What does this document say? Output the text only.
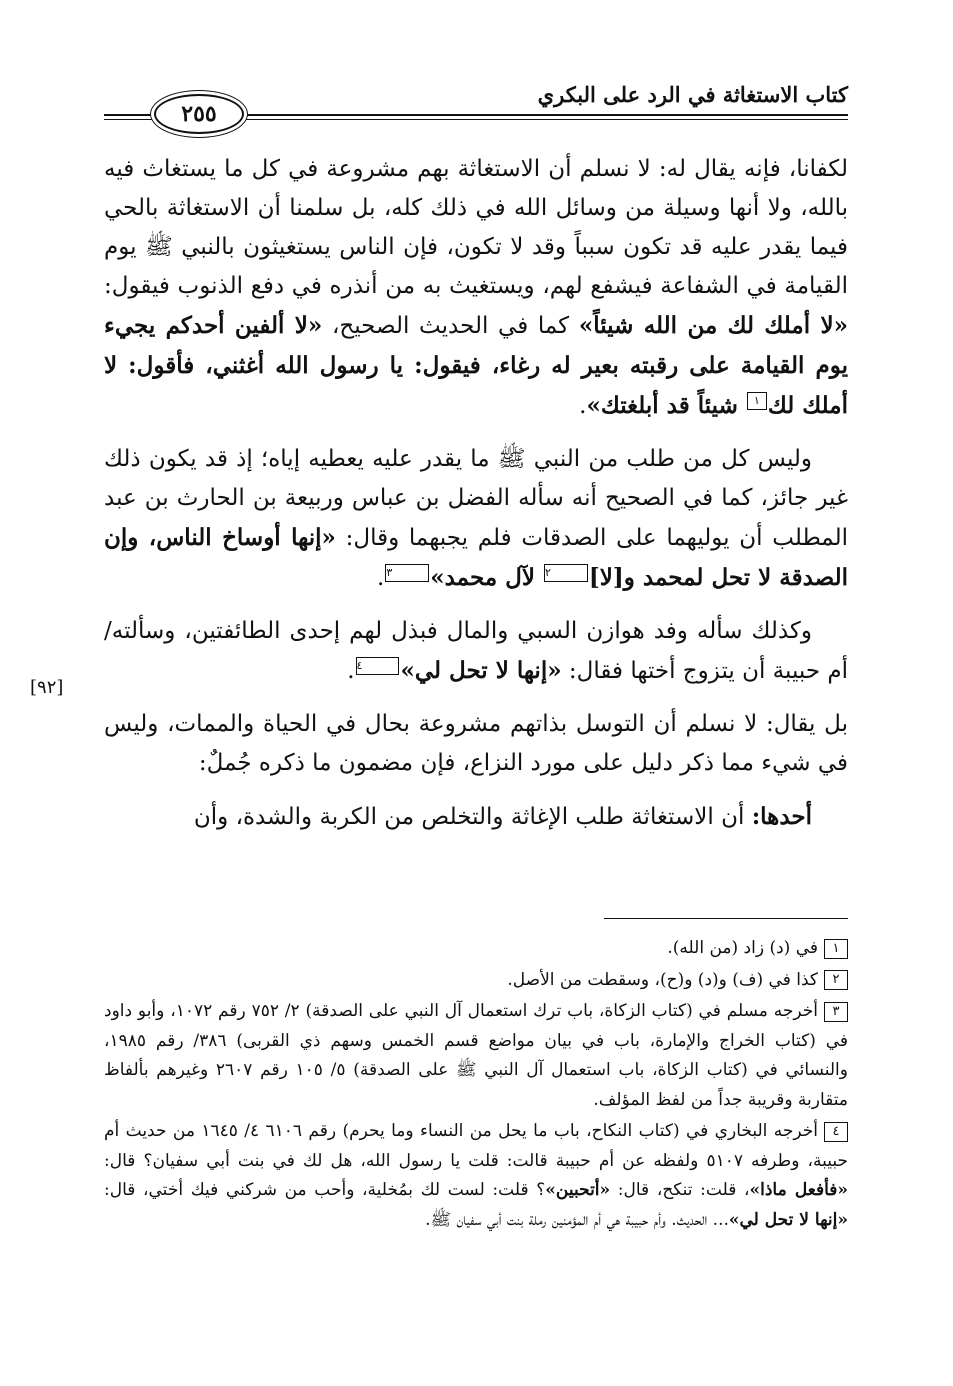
كتاب الاستغاثة في الرد على البكري
٢٥٥
[٩٢]

لكفانا، فإنه يقال له: لا نسلم أن الاستغاثة بهم مشروعة في كل ما يستغاث فيه بالله، ولا أنها وسيلة من وسائل الله في ذلك كله، بل سلمنا أن الاستغاثة بالحي فيما يقدر عليه قد تكون سبباً وقد لا تكون، فإن الناس يستغيثون بالنبي ﷺ يوم القيامة في الشفاعة فيشفع لهم، ويستغيث به من أنذره في دفع الذنوب فيقول: «لا أملك لك من الله شيئاً» كما في الحديث الصحيح، «لا ألفين أحدكم يجيء يوم القيامة على رقبته بعير له رغاء، فيقول: يا رسول الله أغثني، فأقول: لا أملك لك١ شيئاً قد أبلغتك».

وليس كل من طلب من النبي ﷺ ما يقدر عليه يعطيه إياه؛ إذ قد يكون ذلك غير جائز، كما في الصحيح أنه سأله الفضل بن عباس وربيعة بن الحارث بن عبد المطلب أن يوليهما على الصدقات فلم يجبهما وقال: «إنها أوساخ الناس، وإن الصدقة لا تحل لمحمد و[لا]٢ لآل محمد»٣.

وكذلك سأله وفد هوازن السبي والمال فبذل لهم إحدى الطائفتين، وسألته/ أم حبيبة أن يتزوج أختها فقال: «إنها لا تحل لي»٤.

بل يقال: لا نسلم أن التوسل بذاتهم مشروعة بحال في الحياة والممات، وليس في شيء مما ذكر دليل على مورد النزاع، فإن مضمون ما ذكره جُملٌ:

أحدها: أن الاستغاثة طلب الإغاثة والتخلص من الكربة والشدة، وأن

١في (د) زاد (من الله).

٢كذا في (ف) و(د) و(ح)، وسقطت من الأصل.

٣أخرجه مسلم في (كتاب الزكاة، باب ترك استعمال آل النبي على الصدقة) ٢/ ٧٥٢ رقم ١٠٧٢، وأبو داود في (كتاب الخراج والإمارة، باب في بيان مواضع قسم الخمس وسهم ذي القربى) ٣٨٦/ رقم ١٩٨٥، والنسائي في (كتاب الزكاة، باب استعمال آل النبي ﷺ على الصدقة) ٥/ ١٠٥ رقم ٢٦٠٧ وغيرهم بألفاظ متقاربة وقريبة جداً من لفظ المؤلف.

٤أخرجه البخاري في (كتاب النكاح، باب ما يحل من النساء وما يحرم) رقم ٦١٠٦ ٤/ ١٦٤٥ من حديث أم حبيبة، وطرفه ٥١٠٧ ولفظه عن أم حبيبة قالت: قلت يا رسول الله، هل لك في بنت أبي سفيان؟ قال: «فأفعل ماذا»، قلت: تنكح، قال: «أتحبين»؟ قلت: لست لك بمُخلية، وأحب من شركني فيك أختي، قال: «إنها لا تحل لي»... الحديث. وأم حبيبة هي أم المؤمنين رملة بنت أبي سفيان ﷺ.
